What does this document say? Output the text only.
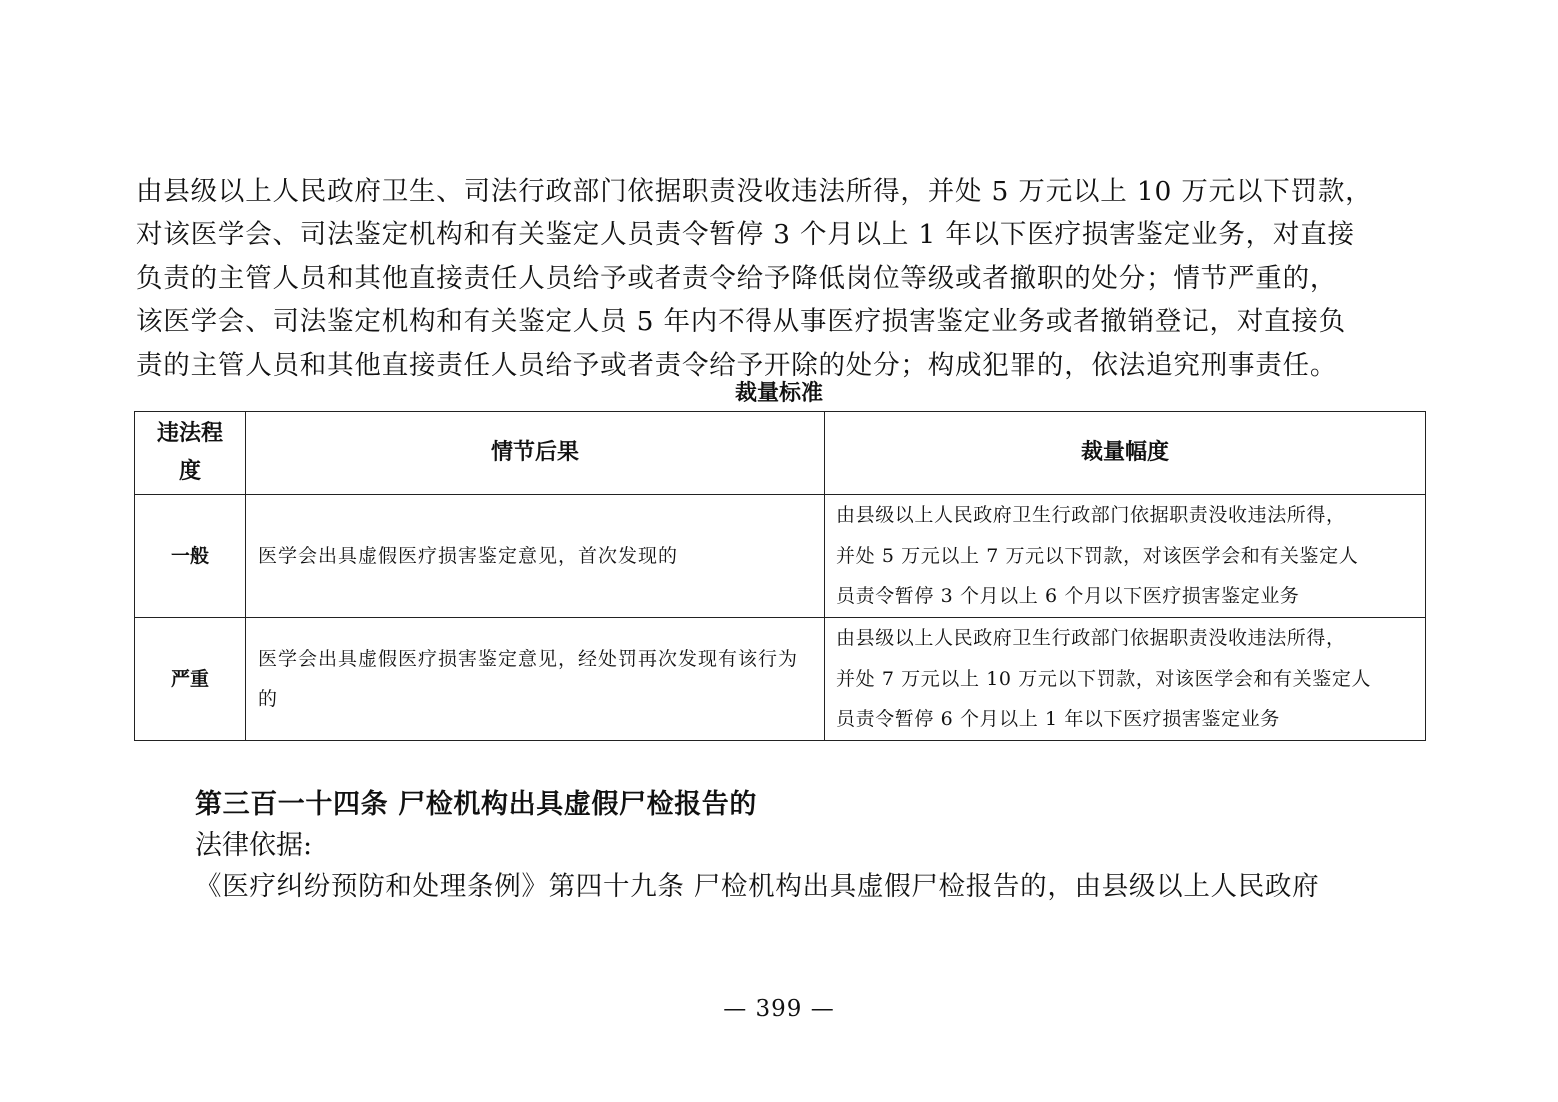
由县级以上人民政府卫生、司法行政部门依据职责没收违法所得，并处 5 万元以上 10 万元以下罚款，
对该医学会、司法鉴定机构和有关鉴定人员责令暂停 3 个月以上 1 年以下医疗损害鉴定业务，对直接
负责的主管人员和其他直接责任人员给予或者责令给予降低岗位等级或者撤职的处分；情节严重的，
该医学会、司法鉴定机构和有关鉴定人员 5 年内不得从事医疗损害鉴定业务或者撤销登记，对直接负
责的主管人员和其他直接责任人员给予或者责令给予开除的处分；构成犯罪的，依法追究刑事责任。
裁量标准
违法程度	情节后果	裁量幅度
一般	医学会出具虚假医疗损害鉴定意见，首次发现的	由县级以上人民政府卫生行政部门依据职责没收违法所得，
并处 5 万元以上 7 万元以下罚款，对该医学会和有关鉴定人
员责令暂停 3 个月以上 6 个月以下医疗损害鉴定业务

严重	医学会出具虚假医疗损害鉴定意见，经处罚再次发现有该行为的	由县级以上人民政府卫生行政部门依据职责没收违法所得，
并处 7 万元以上 10 万元以下罚款，对该医学会和有关鉴定人
员责令暂停 6 个月以上 1 年以下医疗损害鉴定业务
第三百一十四条 尸检机构出具虚假尸检报告的
法律依据:
《医疗纠纷预防和处理条例》第四十九条 尸检机构出具虚假尸检报告的，由县级以上人民政府
— 399 —
